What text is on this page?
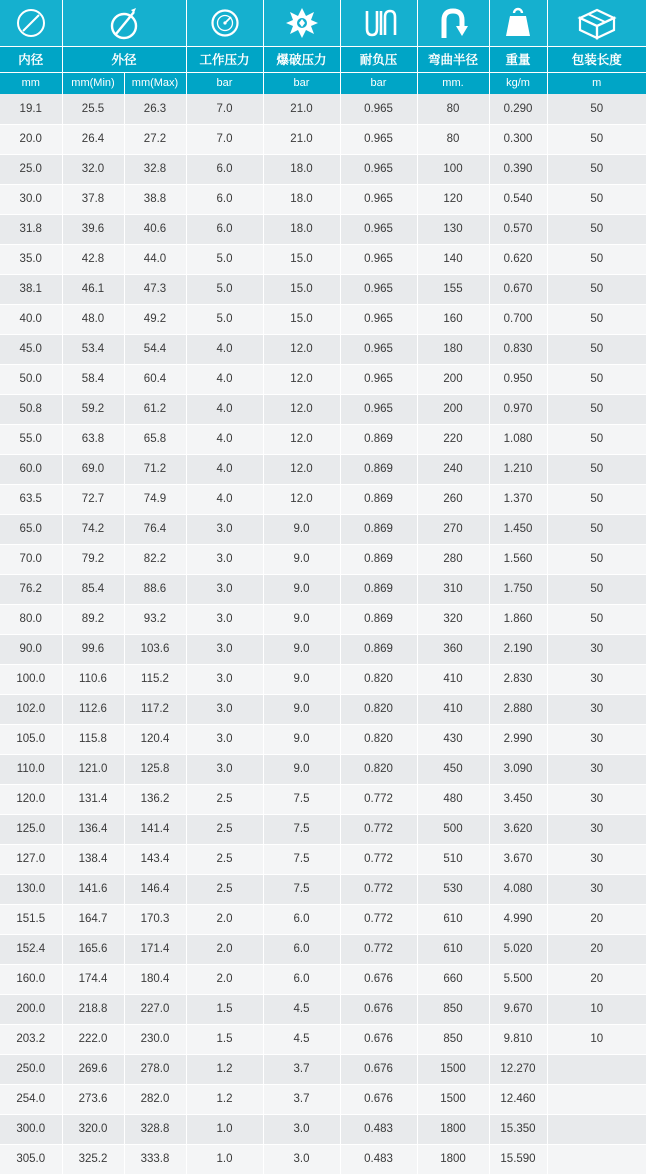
内径	外径		工作压力	爆破压力	耐负压	弯曲半径	重量	包装长度
mm	mm(Min)	mm(Max)	bar	bar	bar	mm.	kg/m	m
19.1	25.5	26.3	7.0	21.0	0.965	80	0.290	50
20.0	26.4	27.2	7.0	21.0	0.965	80	0.300	50
25.0	32.0	32.8	6.0	18.0	0.965	100	0.390	50
30.0	37.8	38.8	6.0	18.0	0.965	120	0.540	50
31.8	39.6	40.6	6.0	18.0	0.965	130	0.570	50
35.0	42.8	44.0	5.0	15.0	0.965	140	0.620	50
38.1	46.1	47.3	5.0	15.0	0.965	155	0.670	50
40.0	48.0	49.2	5.0	15.0	0.965	160	0.700	50
45.0	53.4	54.4	4.0	12.0	0.965	180	0.830	50
50.0	58.4	60.4	4.0	12.0	0.965	200	0.950	50
50.8	59.2	61.2	4.0	12.0	0.965	200	0.970	50
55.0	63.8	65.8	4.0	12.0	0.869	220	1.080	50
60.0	69.0	71.2	4.0	12.0	0.869	240	1.210	50
63.5	72.7	74.9	4.0	12.0	0.869	260	1.370	50
65.0	74.2	76.4	3.0	9.0	0.869	270	1.450	50
70.0	79.2	82.2	3.0	9.0	0.869	280	1.560	50
76.2	85.4	88.6	3.0	9.0	0.869	310	1.750	50
80.0	89.2	93.2	3.0	9.0	0.869	320	1.860	50
90.0	99.6	103.6	3.0	9.0	0.869	360	2.190	30
100.0	110.6	115.2	3.0	9.0	0.820	410	2.830	30
102.0	112.6	117.2	3.0	9.0	0.820	410	2.880	30
105.0	115.8	120.4	3.0	9.0	0.820	430	2.990	30
110.0	121.0	125.8	3.0	9.0	0.820	450	3.090	30
120.0	131.4	136.2	2.5	7.5	0.772	480	3.450	30
125.0	136.4	141.4	2.5	7.5	0.772	500	3.620	30
127.0	138.4	143.4	2.5	7.5	0.772	510	3.670	30
130.0	141.6	146.4	2.5	7.5	0.772	530	4.080	30
151.5	164.7	170.3	2.0	6.0	0.772	610	4.990	20
152.4	165.6	171.4	2.0	6.0	0.772	610	5.020	20
160.0	174.4	180.4	2.0	6.0	0.676	660	5.500	20
200.0	218.8	227.0	1.5	4.5	0.676	850	9.670	10
203.2	222.0	230.0	1.5	4.5	0.676	850	9.810	10
250.0	269.6	278.0	1.2	3.7	0.676	1500	12.270	
254.0	273.6	282.0	1.2	3.7	0.676	1500	12.460	
300.0	320.0	328.8	1.0	3.0	0.483	1800	15.350	
305.0	325.2	333.8	1.0	3.0	0.483	1800	15.590	
